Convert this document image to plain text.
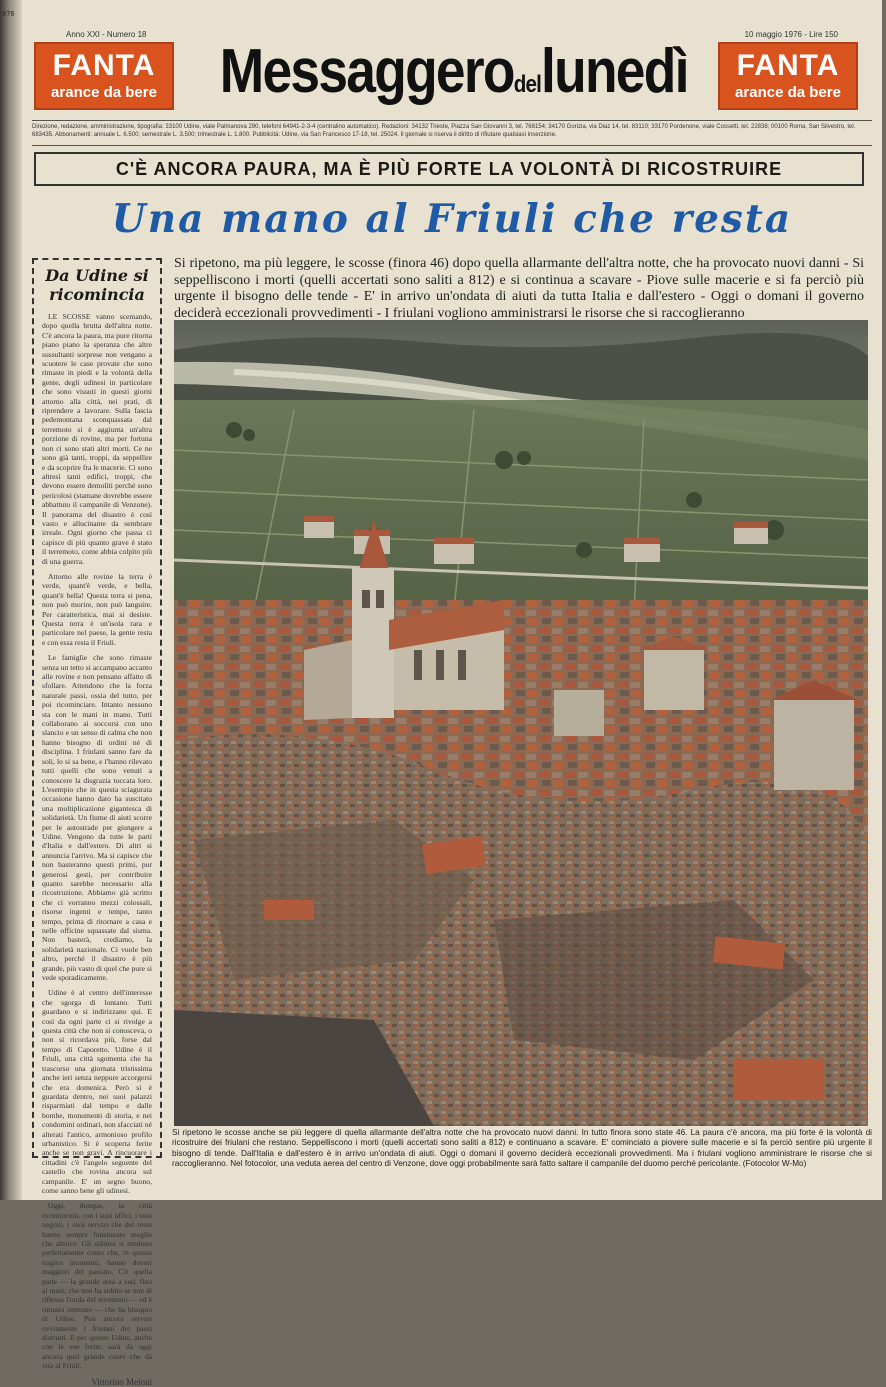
976
Anno XXI - Numero 18	10 maggio 1976 - Lire 150
FANTA
arance da bere Messaggerodellunedì	FANTA
arance da bere
Direzione, redazione, amministrazione, tipografia: 33100 Udine, viale Palmanova 290, telefoni 64941-2-3-4 (centralino automatico). Redazioni: 34132 Trieste, Piazza San Giovanni 3, tel. 768154; 34170 Gorizia, via Diaz 14, tel. 83110; 33170 Pordenone, viale Cossetti, tel. 22838; 00100 Roma, San Silvestro, tel. 683435. Abbonamenti: annuale L. 6.500; semestrale L. 3.500; trimestrale L. 1.800. Pubblicità: Udine, via San Francesco 17-18, tel. 25024. Il giornale si riserva il diritto di rifiutare qualsiasi inserzione.
C'È ANCORA PAURA, MA È PIÙ FORTE LA VOLONTÀ DI RICOSTRUIRE
Una mano al Friuli che resta
Si ripetono, ma più leggere, le scosse (finora 46) dopo quella allarmante dell'altra notte, che ha provocato nuovi danni - Si seppelliscono i morti (quelli accertati sono saliti a 812) e si continua a scavare - Piove sulle macerie e si fa perciò più urgente il bisogno delle tende - E' in arrivo un'ondata di aiuti da tutta Italia e dall'estero - Oggi o domani il governo deciderà eccezionali provvedimenti - I friulani vogliono amministrarsi le risorse che si raccoglieranno
Da Udine si ricomincia

LE SCOSSE vanno scemando, dopo quella brutta dell'altra notte. C'è ancora la paura, ma pure ritorna piano piano la speranza che altre sussultanti sorprese non vengano a scuotere le case provate che sono rimaste in piedi e la volontà della gente, degli udinesi in particolare che sono vissuti in questi giorni attorno alla città, nei prati, di riprendere a lavorare. Sulla fascia pedemontana sconquassata dal terremoto si è aggiunta un'altra porzione di rovine, ma per fortuna non ci sono stati altri morti. Ce ne sono già tanti, troppi, da seppellire e da scoprire fra le macerie. Ci sono altresì tanti edifici, troppi, che devono essere demoliti perché sono pericolosi (stamane dovrebbe essere abbattuto il campanile di Venzone). Il panorama del disastro è così vasto e allucinante da sembrare irreale. Ogni giorno che passa ci capisce di più quanto grave è stato il terremoto, come abbia colpito più di una guerra.

Attorno alle rovine la terra è verde, quant'è verde, e bella, quant'è bella! Questa terra si pena, non può morire, non può languire. Per caratteristica, mai si desiste. Questa terra è un'isola rara e particolare nel paese, la gente resta e con essa resta il Friuli.

Le famiglie che sono rimaste senza un tetto si accampano accanto alle rovine e non pensano affatto di sfollare. Attendono che la forza naturale passi, ossia del tutto, per poi ricominciare. Intanto nessuno sta con le mani in mano. Tutti collaborano ai soccorsi con uno slancio e un senso di calma che non hanno bisogno di ordini né di disciplina. I friulani sanno fare da soli, lo si sa bene, e l'hanno rilevato tutti quelli che sono venuti a conoscere la disgrazia toccata loro. L'esempio che in questa sciagurata occasione hanno dato ha suscitato una moltiplicazione gigantesca di solidarietà. Un fiume di aiuti scorre per le autostrade per giungere a Udine. Vengono da tutte le parti d'Italia e dall'estero. Di altri si annuncia l'arrivo. Ma si capisce che non basteranno questi primi, pur generosi gesti, per contribuire quanto sarebbe necessario alla ricostruzione. Abbiamo già scritto che ci vorranno mezzi colossali, risorse ingenti e tempo, tanto tempo, prima di ritornare a casa e nelle officine squassate dal sisma. Non basterà, crediamo, la solidarietà nazionale. Ci vuole ben altro, perché il disastro è più grande, più vasto di quel che pure si vede sporadicamente.

Udine è al centro dell'interesse che sgorga di lontano. Tutti guardano e si indirizzano qui. E così da ogni parte ci si rivolge a questa città che non si conosceva, o non si ricordava più, forse dal tempo di Caporetto. Udine è il Friuli, una città sgomenta che ha trascorso una giornata tristissima anche ieri senza neppure accorgersi che era domenica. Però si è guardata dentro, nei suoi palazzi risparmiati dal tempo e dalle bombe, monumenti di storia, e nei condomini ordinari, non sfacciati né alterati l'antico, armonioso profilo urbanistico. Si è scoperta ferite anche se non gravi. A rincuorare i cittadini c'è l'angelo seguente del castello che rovina ancora sul campanile. E' un segno buono, come sanno bene gli udinesi.

Oggi, dunque, la città ricomincerà, con i suoi uffici, i suoi negozi, i suoi servizi che del resto hanno sempre funzionato meglio che altrove. Gli udinesi si rendono perfettamente conto che, in questo tragico momento, hanno doveri maggiori del passato. C'è quella parte — la grande area a sud, fino al mare, che non ha subito se non di riflesso l'onda del terremoto — ed è rimasta immune — che ha bisogno di Udine. Può ancora servire ovviamente i friulani dei paesi distrutti. E per questo Udine, anche con le sue ferite, sarà da oggi ancora quel grande cuore che dà vita al Friuli.

Vittorino Meloni
Si ripetono le scosse anche se più leggere di quella allarmante dell'altra notte che ha provocato nuovi danni. In tutto finora sono state 46. La paura c'è ancora, ma più forte è la volontà di ricostruire dei friulani che restano. Seppelliscono i morti (quelli accertati sono saliti a 812) e continuano a scavare. E' cominciato a piovere sulle macerie e si fa perciò sentire più urgente il bisogno di tende. Dall'Italia e dall'estero è in arrivo un'ondata di aiuti. Oggi o domani il governo deciderà eccezionali provvedimenti. Ma i friulani vogliono amministrare le risorse che si raccoglieranno. Nel fotocolor, una veduta aerea del centro di Venzone, dove oggi probabilmente sarà fatto saltare il campanile del duomo perché pericolante. (Fotocolor W-Mo)
